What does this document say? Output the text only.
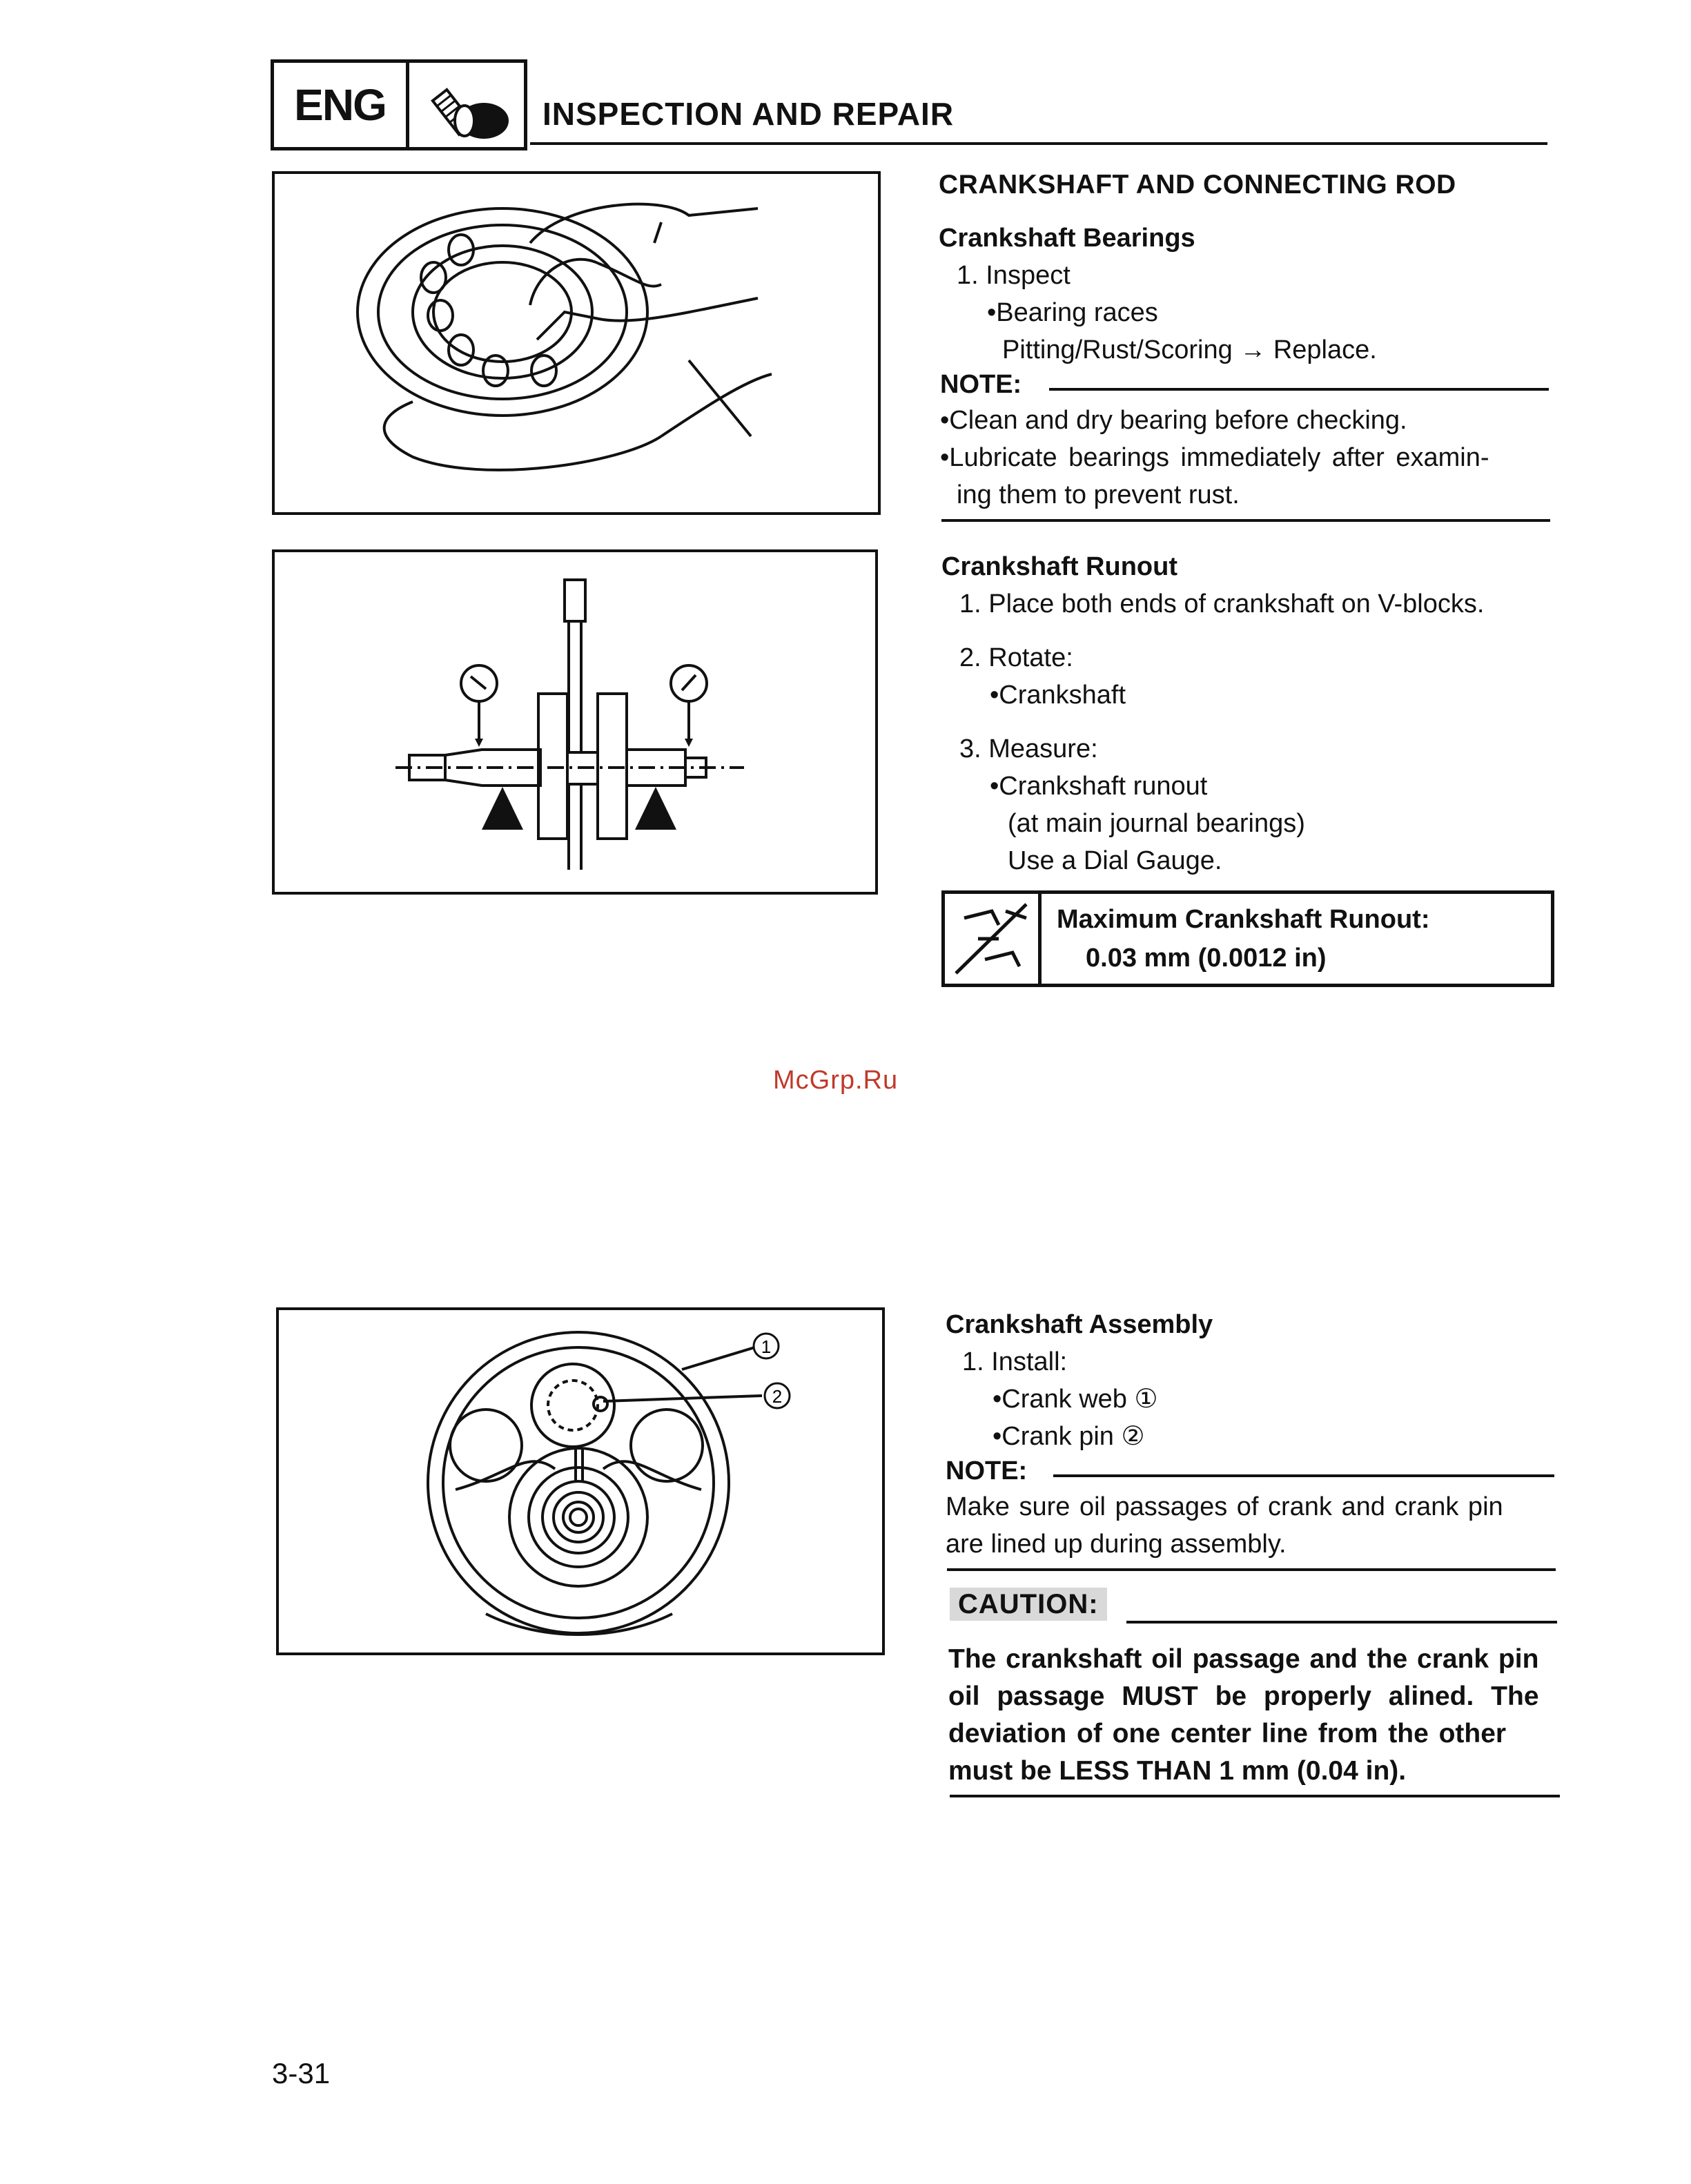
ENG	INSPECTION AND REPAIR
1
2
CRANKSHAFT AND CONNECTING ROD
Crankshaft Bearings
1. Inspect
•Bearing races
Pitting/Rust/Scoring → Replace.
NOTE:
•Clean and dry bearing before checking.
•Lubricate bearings immediately after examin-
ing them to prevent rust.
Crankshaft Runout
1. Place both ends of crankshaft on V-blocks.
2. Rotate:
•Crankshaft
3. Measure:
•Crankshaft runout
(at main journal bearings)
Use a Dial Gauge.
Maximum Crankshaft Runout:
0.03 mm (0.0012 in)
McGrp.Ru
Crankshaft Assembly
1. Install:
•Crank web ①
•Crank pin ②
NOTE:
Make sure oil passages of crank and crank pin
are lined up during assembly.
CAUTION:
The crankshaft oil passage and the crank pin
oil passage MUST be properly alined. The
deviation of one center line from the other
must be LESS THAN 1 mm (0.04 in).
3-31
